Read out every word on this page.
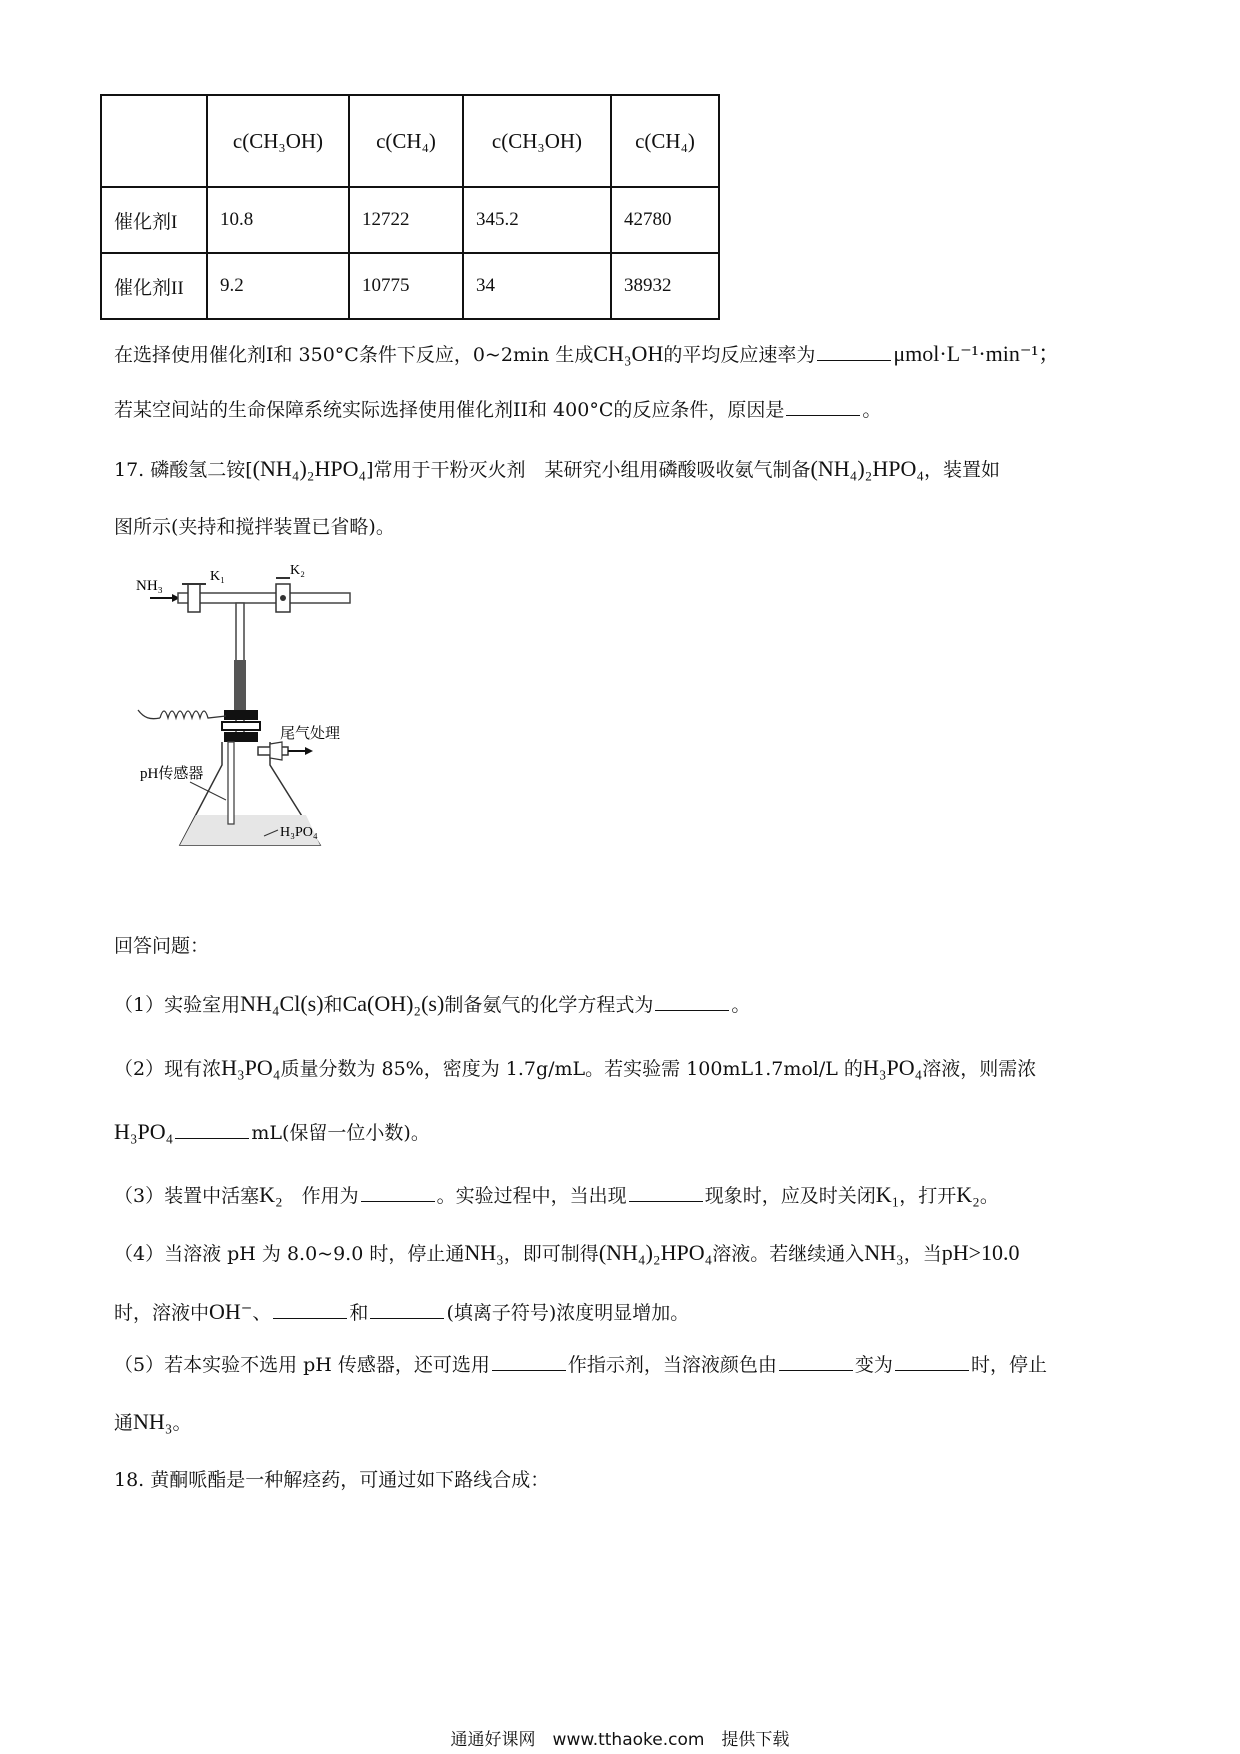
	c(CH₃OH)	c(CH₄)	c(CH₃OH)	c(CH₄)
催化剂I	10.8	12722	345.2	42780
催化剂II	9.2	10775	34	38932
在选择使用催化剂I和 350°C条件下反应，0~2min 生成CH₃OH的平均反应速率为	μmol·L⁻¹·min⁻¹；
若某空间站的生命保障系统实际选择使用催化剂II和 400°C的反应条件，原因是	。
17. 磷酸氢二铵[(NH₄)₂HPO₄]常用于干粉灭火剂　某研究小组用磷酸吸收氨气制备(NH₄)₂HPO₄，装置如
图所示(夹持和搅拌装置已省略)。
NH₃
K₁	K₂
尾气处理
pH传感器
H₃PO₄
回答问题：
（1）实验室用NH₄Cl(s)和Ca(OH)₂(s)制备氨气的化学方程式为	。
（2）现有浓H₃PO₄质量分数为 85%，密度为 1.7g/mL。若实验需 100mL1.7mol/L 的H₃PO₄溶液，则需浓
H₃PO₄	mL(保留一位小数)。
（3）装置中活塞K₂　作用为	。实验过程中，当出现	现象时，应及时关闭K₁，打开K₂。
（4）当溶液 pH 为 8.0~9.0 时，停止通NH₃，即可制得(NH₄)₂HPO₄溶液。若继续通入NH₃，当pH>10.0
时，溶液中OH⁻、	和	(填离子符号)浓度明显增加。
（5）若本实验不选用 pH 传感器，还可选用	作指示剂，当溶液颜色由	变为	时，停止
通NH₃。
18. 黄酮哌酯是一种解痉药，可通过如下路线合成：
通通好课网　www.tthaoke.com　提供下载
